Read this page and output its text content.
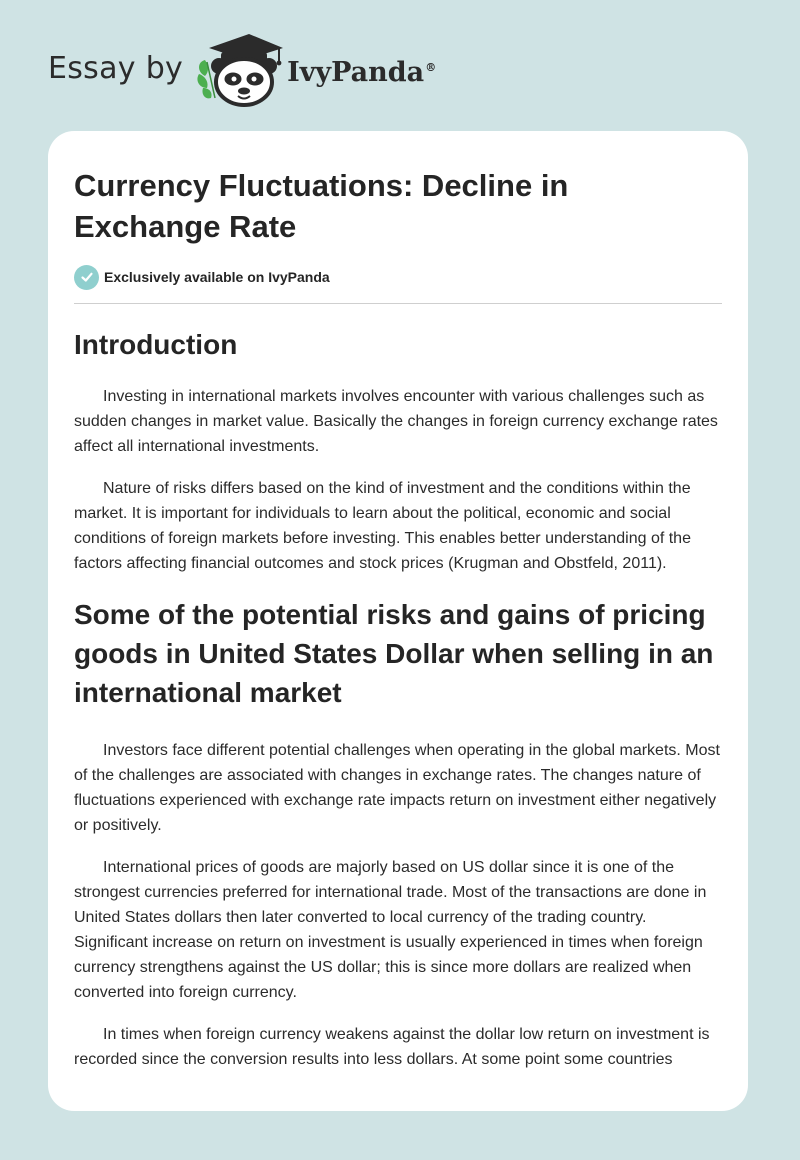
Essay by	IvyPanda®
Currency Fluctuations: Decline in Exchange Rate
Exclusively available on IvyPanda
Introduction

Investing in international markets involves encounter with various challenges such as sudden changes in market value. Basically the changes in foreign currency exchange rates affect all international investments.

Nature of risks differs based on the kind of investment and the conditions within the market. It is important for individuals to learn about the political, economic and social conditions of foreign markets before investing. This enables better understanding of the factors affecting financial outcomes and stock prices (Krugman and Obstfeld, 2011).

Some of the potential risks and gains of pricing goods in United States Dollar when selling in an international market

Investors face different potential challenges when operating in the global markets. Most of the challenges are associated with changes in exchange rates. The changes nature of fluctuations experienced with exchange rate impacts return on investment either negatively or positively.

International prices of goods are majorly based on US dollar since it is one of the strongest currencies preferred for international trade. Most of the transactions are done in United States dollars then later converted to local currency of the trading country. Significant increase on return on investment is usually experienced in times when foreign currency strengthens against the US dollar; this is since more dollars are realized when converted into foreign currency.

In times when foreign currency weakens against the dollar low return on investment is recorded since the conversion results into less dollars. At some point some countries
